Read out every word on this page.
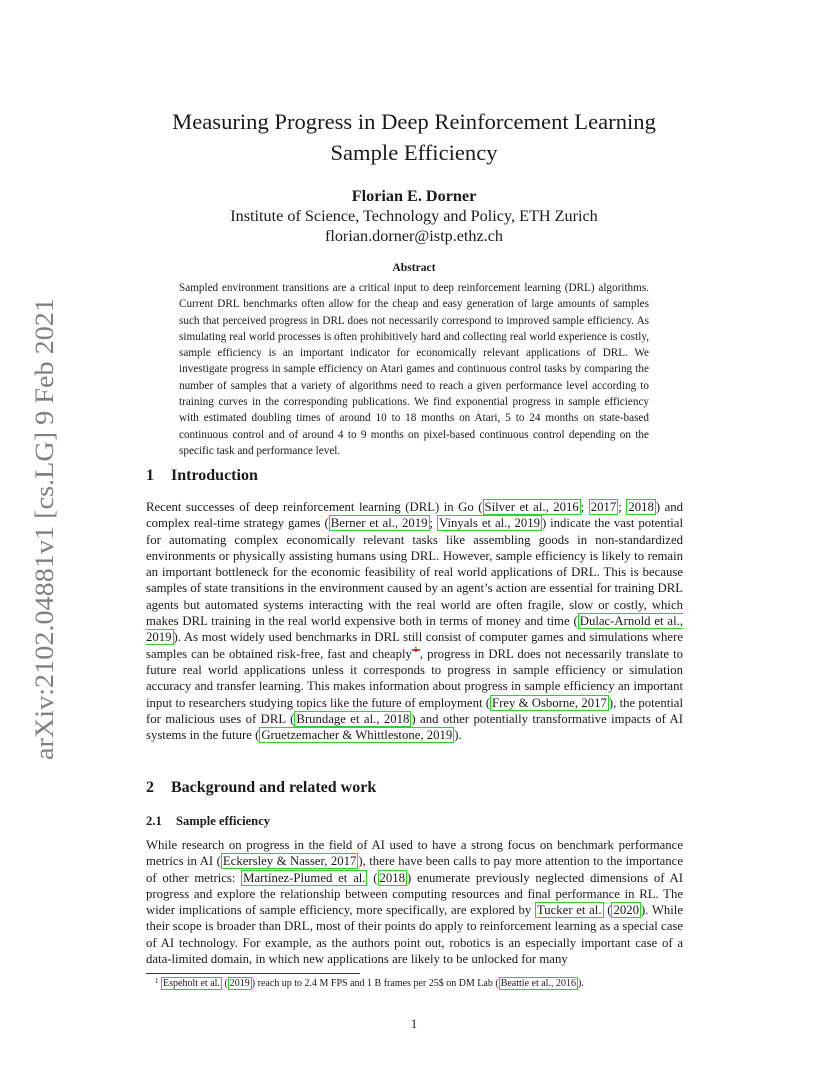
arXiv:2102.04881v1 [cs.LG] 9 Feb 2021
Measuring Progress in Deep Reinforcement Learning
Sample Efficiency
Florian E. Dorner
Institute of Science, Technology and Policy, ETH Zurich
florian.dorner@istp.ethz.ch
Abstract
Sampled environment transitions are a critical input to deep reinforcement learning (DRL) algorithms. Current DRL benchmarks often allow for the cheap and easy generation of large amounts of samples such that perceived progress in DRL does not necessarily correspond to improved sample efficiency. As simulating real world processes is often prohibitively hard and collecting real world experience is costly, sample efficiency is an important indicator for economically relevant applications of DRL. We investigate progress in sample efficiency on Atari games and continuous control tasks by comparing the number of samples that a variety of algorithms need to reach a given performance level according to training curves in the corresponding publications. We find exponential progress in sample efficiency with estimated doubling times of around 10 to 18 months on Atari, 5 to 24 months on state-based continuous control and of around 4 to 9 months on pixel-based continuous control depending on the specific task and performance level.
1 Introduction
Recent successes of deep reinforcement learning (DRL) in Go ( Silver et al., 2016 ; 2017 ; 2018 ) and complex real-time strategy games ( Berner et al., 2019 ; Vinyals et al., 2019 ) indicate the vast potential for automating complex economically relevant tasks like assembling goods in non-standardized environments or physically assisting humans using DRL. However, sample efficiency is likely to remain an important bottleneck for the economic feasibility of real world applications of DRL. This is because samples of state transitions in the environment caused by an agent’s action are essential for training DRL agents but automated systems interacting with the real world are often fragile, slow or costly, which makes DRL training in the real world expensive both in terms of money and time ( Dulac-Arnold et al., 2019 ). As most widely used benchmarks in DRL still consist of computer games and simulations where samples can be obtained risk-free, fast and cheaply 1 , progress in DRL does not necessarily translate to future real world applications unless it corresponds to progress in sample efficiency or simulation accuracy and transfer learning. This makes information about progress in sample efficiency an important input to researchers studying topics like the future of employment ( Frey & Osborne, 2017 ), the potential for malicious uses of DRL ( Brundage et al., 2018 ) and other potentially transformative impacts of AI systems in the future ( Gruetzemacher & Whittlestone, 2019 ).
2 Background and related work
2.1 Sample efficiency
While research on progress in the field of AI used to have a strong focus on benchmark performance metrics in AI ( Eckersley & Nasser, 2017 ), there have been calls to pay more attention to the importance of other metrics: Martínez-Plumed et al. ( 2018 ) enumerate previously neglected dimensions of AI progress and explore the relationship between computing resources and final performance in RL. The wider implications of sample efficiency, more specifically, are explored by Tucker et al. ( 2020 ). While their scope is broader than DRL, most of their points do apply to reinforcement learning as a special case of AI technology. For example, as the authors point out, robotics is an especially important case of a data-limited domain, in which new applications are likely to be unlocked for many
1 Espeholt et al. ( 2019 ) reach up to 2.4 M FPS and 1 B frames per 25$ on DM Lab ( Beattie et al., 2016 ).
1
